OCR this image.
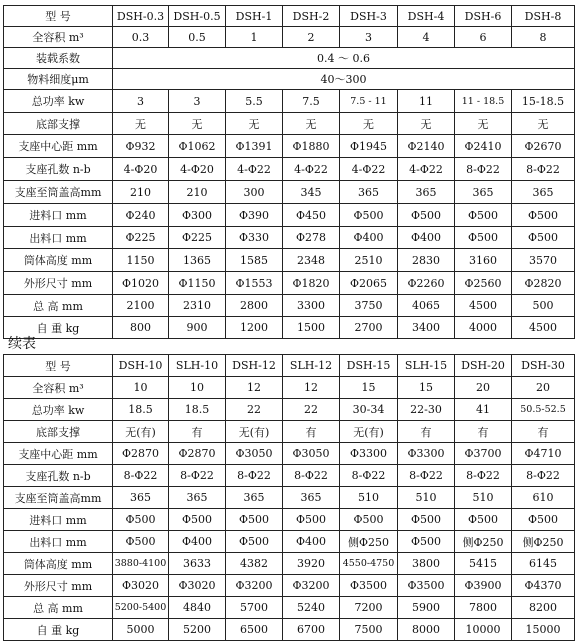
型 号	DSH-0.3	DSH-0.5	DSH-1	DSH-2	DSH-3	DSH-4	DSH-6	DSH-8
全容积 m³	0.3	0.5	1	2	3	4	6	8
装载系数	0.4 ～ 0.6							
物料细度μm	40～300							
总功率 kw	3	3	5.5	7.5	7.5 - 11	11	11 - 18.5	15-18.5
底部支撑	无	无	无	无	无	无	无	无
支座中心距 mm	Φ932	Φ1062	Φ1391	Φ1880	Φ1945	Φ2140	Φ2410	Φ2670
支座孔数 n-b	4-Φ20	4-Φ20	4-Φ22	4-Φ22	4-Φ22	4-Φ22	8-Φ22	8-Φ22
支座至筒盖高mm	210	210	300	345	365	365	365	365
进料口 mm	Φ240	Φ300	Φ390	Φ450	Φ500	Φ500	Φ500	Φ500
出料口 mm	Φ225	Φ225	Φ330	Φ278	Φ400	Φ400	Φ500	Φ500
筒体高度 mm	1150	1365	1585	2348	2510	2830	3160	3570
外形尺寸 mm	Φ1020	Φ1150	Φ1553	Φ1820	Φ2065	Φ2260	Φ2560	Φ2820
总 高 mm	2100	2310	2800	3300	3750	4065	4500	500
自 重 kg	800	900	1200	1500	2700	3400	4000	4500
续表
型 号	DSH-10	SLH-10	DSH-12	SLH-12	DSH-15	SLH-15	DSH-20	DSH-30
全容积 m³	10	10	12	12	15	15	20	20
总功率 kw	18.5	18.5	22	22	30-34	22-30	41	50.5-52.5
底部支撑	无(有)	有	无(有)	有	无(有)	有	有	有
支座中心距 mm	Φ2870	Φ2870	Φ3050	Φ3050	Φ3300	Φ3300	Φ3700	Φ4710
支座孔数 n-b	8-Φ22	8-Φ22	8-Φ22	8-Φ22	8-Φ22	8-Φ22	8-Φ22	8-Φ22
支座至筒盖高mm	365	365	365	365	510	510	510	610
进料口 mm	Φ500	Φ500	Φ500	Φ500	Φ500	Φ500	Φ500	Φ500
出料口 mm	Φ500	Φ400	Φ500	Φ400	侧Φ250	Φ500	侧Φ250	侧Φ250
筒体高度 mm	3880-4100	3633	4382	3920	4550-4750	3800	5415	6145
外形尺寸 mm	Φ3020	Φ3020	Φ3200	Φ3200	Φ3500	Φ3500	Φ3900	Φ4370
总 高 mm	5200-5400	4840	5700	5240	7200	5900	7800	8200
自 重 kg	5000	5200	6500	6700	7500	8000	10000	15000
